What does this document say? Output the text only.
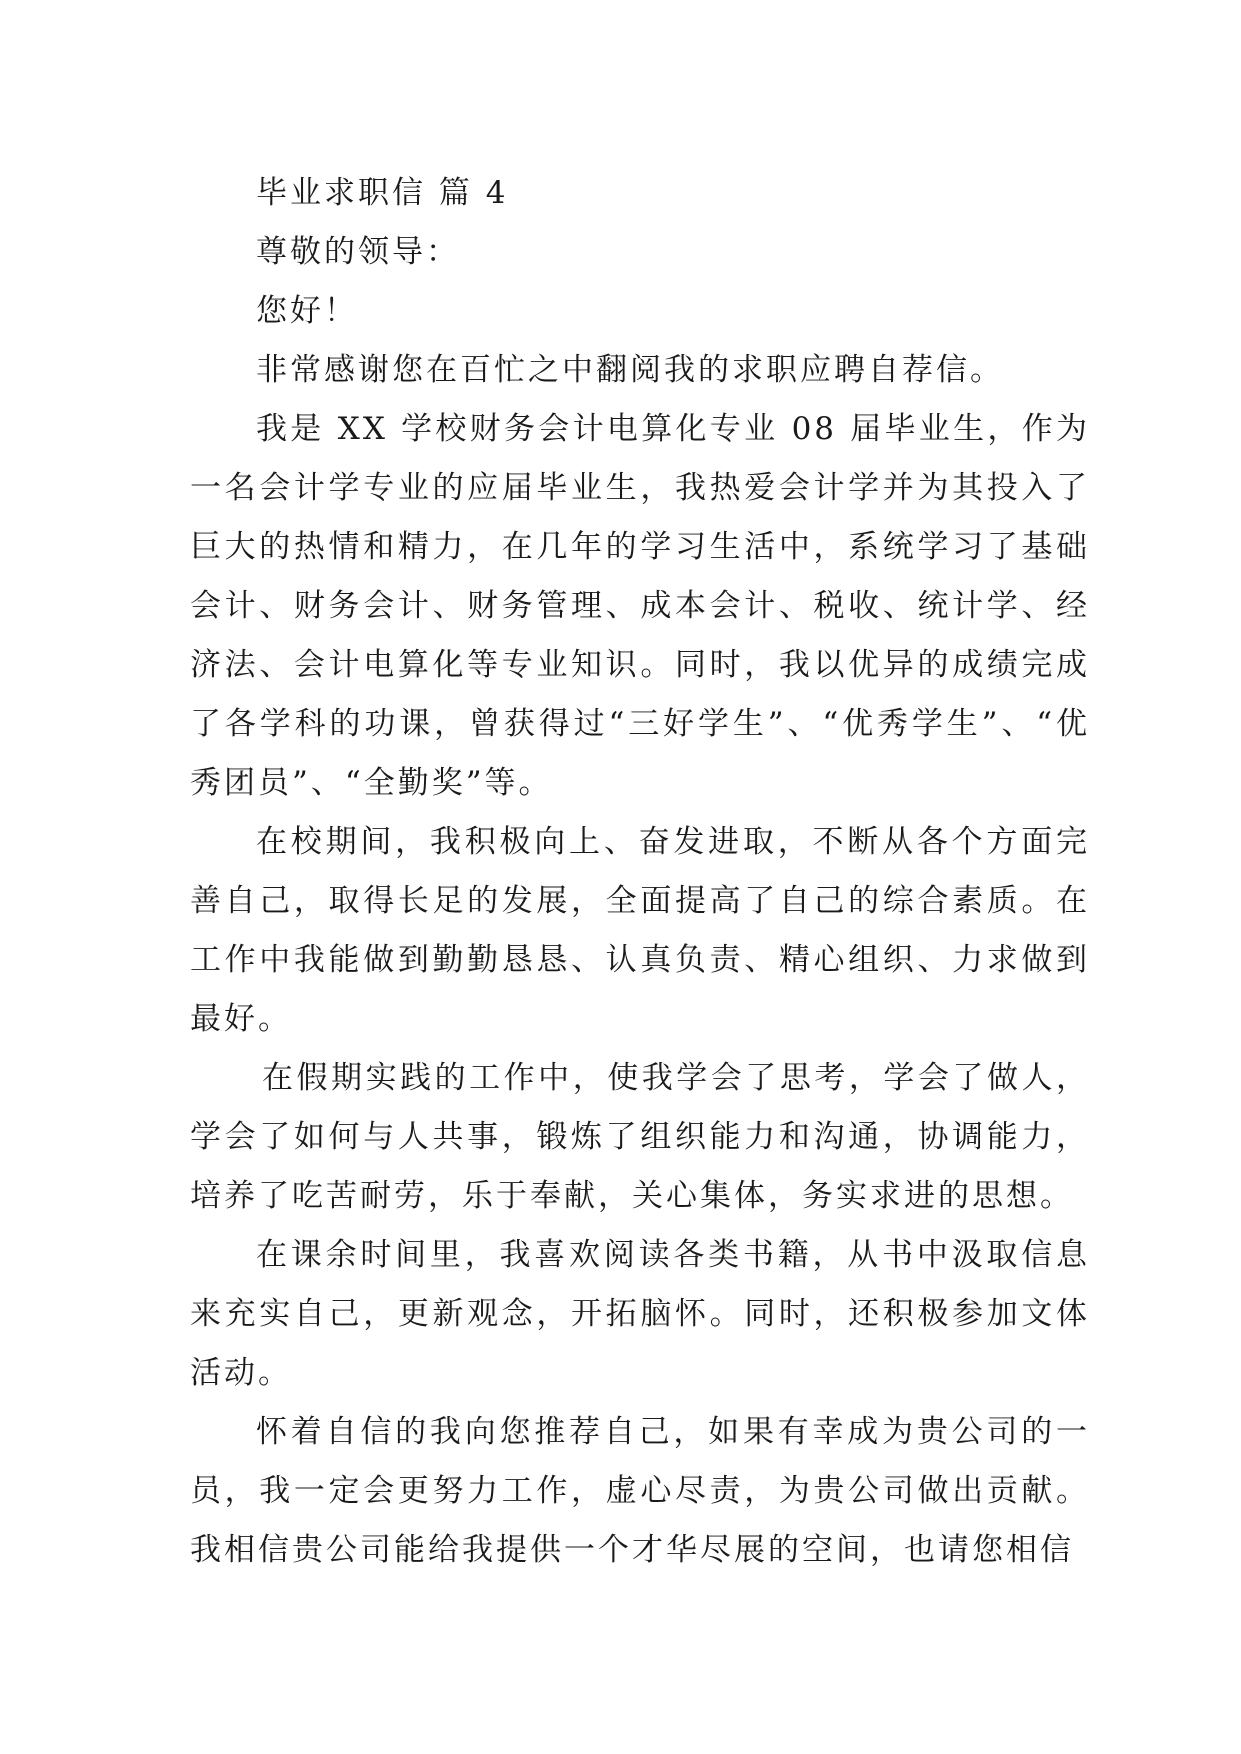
毕业求职信 篇 4

尊敬的领导：

您好！

非常感谢您在百忙之中翻阅我的求职应聘自荐信。

我是 XX 学校财务会计电算化专业 08 届毕业生，作为一名会计学专业的应届毕业生，我热爱会计学并为其投入了巨大的热情和精力，在几年的学习生活中，系统学习了基础会计、财务会计、财务管理、成本会计、税收、统计学、经济法、会计电算化等专业知识。同时，我以优异的成绩完成了各学科的功课，曾获得过“三好学生”、“优秀学生”、“优秀团员”、“全勤奖”等。

在校期间，我积极向上、奋发进取，不断从各个方面完善自己，取得长足的发展，全面提高了自己的综合素质。在工作中我能做到勤勤恳恳、认真负责、精心组织、力求做到最好。

在假期实践的工作中，使我学会了思考，学会了做人，学会了如何与人共事，锻炼了组织能力和沟通，协调能力，培养了吃苦耐劳，乐于奉献，关心集体，务实求进的思想。

在课余时间里，我喜欢阅读各类书籍，从书中汲取信息来充实自己，更新观念，开拓脑怀。同时，还积极参加文体活动。

怀着自信的我向您推荐自己，如果有幸成为贵公司的一员，我一定会更努力工作，虚心尽责，为贵公司做出贡献。我相信贵公司能给我提供一个才华尽展的空间，也请您相信
